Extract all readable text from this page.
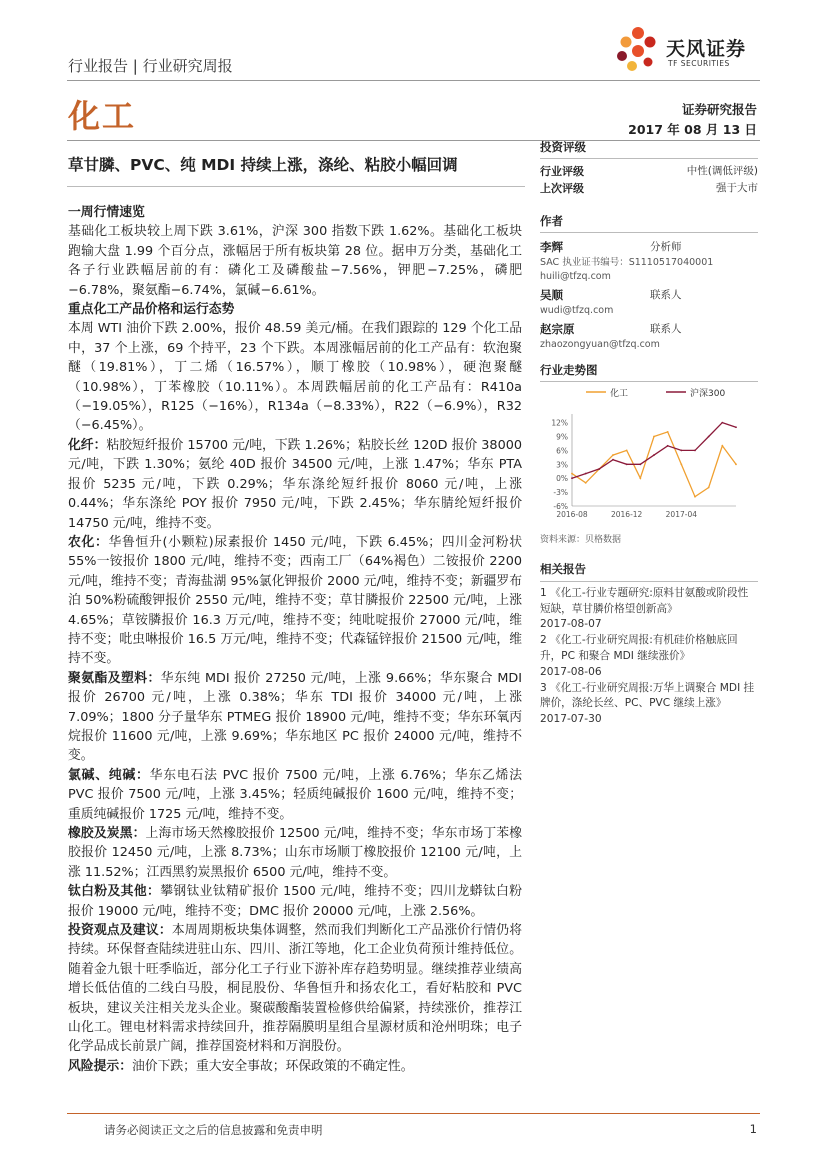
行业报告 | 行业研究周报
天风证券
TF SECURITIES
化工	证券研究报告
2017 年 08 月 13 日
草甘膦、PVC、纯 MDI 持续上涨，涤纶、粘胶小幅回调

一周行情速览

基础化工板块较上周下跌 3.61%，沪深 300 指数下跌 1.62%。基础化工板块跑输大盘 1.99 个百分点，涨幅居于所有板块第 28 位。据申万分类，基础化工各子行业跌幅居前的有：磷化工及磷酸盐−7.56%，钾肥−7.25%，磷肥−6.78%，聚氨酯−6.74%，氯碱−6.61%。

重点化工产品价格和运行态势

本周 WTI 油价下跌 2.00%，报价 48.59 美元/桶。在我们跟踪的 129 个化工品中，37 个上涨，69 个持平，23 个下跌。本周涨幅居前的化工产品有：软泡聚醚（19.81%），丁二烯（16.57%），顺丁橡胶（10.98%），硬泡聚醚（10.98%），丁苯橡胶（10.11%）。本周跌幅居前的化工产品有：R410a（−19.05%），R125（−16%），R134a（−8.33%），R22（−6.9%），R32（−6.45%）。

化纤：粘胶短纤报价 15700 元/吨，下跌 1.26%；粘胶长丝 120D 报价 38000 元/吨，下跌 1.30%；氨纶 40D 报价 34500 元/吨，上涨 1.47%；华东 PTA 报价 5235 元/吨，下跌 0.29%；华东涤纶短纤报价 8060 元/吨，上涨 0.44%；华东涤纶 POY 报价 7950 元/吨，下跌 2.45%；华东腈纶短纤报价 14750 元/吨，维持不变。

农化：华鲁恒升(小颗粒)尿素报价 1450 元/吨，下跌 6.45%；四川金河粉状 55%一铵报价 1800 元/吨，维持不变；西南工厂（64%褐色）二铵报价 2200 元/吨，维持不变；青海盐湖 95%氯化钾报价 2000 元/吨，维持不变；新疆罗布泊 50%粉硫酸钾报价 2550 元/吨，维持不变；草甘膦报价 22500 元/吨，上涨 4.65%；草铵膦报价 16.3 万元/吨，维持不变；纯吡啶报价 27000 元/吨，维持不变；吡虫啉报价 16.5 万元/吨，维持不变；代森锰锌报价 21500 元/吨，维持不变。

聚氨酯及塑料：华东纯 MDI 报价 27250 元/吨，上涨 9.66%；华东聚合 MDI 报价 26700 元/吨，上涨 0.38%；华东 TDI 报价 34000 元/吨，上涨 7.09%；1800 分子量华东 PTMEG 报价 18900 元/吨，维持不变；华东环氧丙烷报价 11600 元/吨，上涨 9.69%；华东地区 PC 报价 24000 元/吨，维持不变。

氯碱、纯碱：华东电石法 PVC 报价 7500 元/吨，上涨 6.76%；华东乙烯法 PVC 报价 7500 元/吨，上涨 3.45%；轻质纯碱报价 1600 元/吨，维持不变；重质纯碱报价 1725 元/吨，维持不变。

橡胶及炭黑：上海市场天然橡胶报价 12500 元/吨，维持不变；华东市场丁苯橡胶报价 12450 元/吨，上涨 8.73%；山东市场顺丁橡胶报价 12100 元/吨，上涨 11.52%；江西黑豹炭黑报价 6500 元/吨，维持不变。

钛白粉及其他：攀钢钛业钛精矿报价 1500 元/吨，维持不变；四川龙蟒钛白粉报价 19000 元/吨，维持不变；DMC 报价 20000 元/吨，上涨 2.56%。

投资观点及建议：本周周期板块集体调整，然而我们判断化工产品涨价行情仍将持续。环保督查陆续进驻山东、四川、浙江等地，化工企业负荷预计维持低位。随着金九银十旺季临近，部分化工子行业下游补库存趋势明显。继续推荐业绩高增长低估值的二线白马股，桐昆股份、华鲁恒升和扬农化工，看好粘胶和 PVC 板块，建议关注相关龙头企业。聚碳酸酯装置检修供给偏紧，持续涨价，推荐江山化工。锂电材料需求持续回升，推荐隔膜明星组合星源材质和沧州明珠；电子化学品成长前景广阔，推荐国瓷材料和万润股份。

风险提示：油价下跌；重大安全事故；环保政策的不确定性。

投资评级
行业评级	中性(调低评级)
上次评级	强于大市
作者
李辉	分析师
SAC 执业证书编号：S1110517040001
huili@tfzq.com
吴顺	联系人
wudi@tfzq.com
赵宗原	联系人
zhaozongyuan@tfzq.com
行业走势图
化工	沪深300
12%
9%
6%
3%
0%
-3%
-6%
2016-08	2016-12	2017-04
资料来源：贝格数据
相关报告
1 《化工-行业专题研究:原料甘氨酸或阶段性短缺，草甘膦价格望创新高》
2017-08-07
2 《化工-行业研究周报:有机硅价格触底回升，PC 和聚合 MDI 继续涨价》
2017-08-06
3 《化工-行业研究周报:万华上调聚合 MDI 挂牌价，涤纶长丝、PC、PVC 继续上涨》 2017-07-30
请务必阅读正文之后的信息披露和免责申明	1
